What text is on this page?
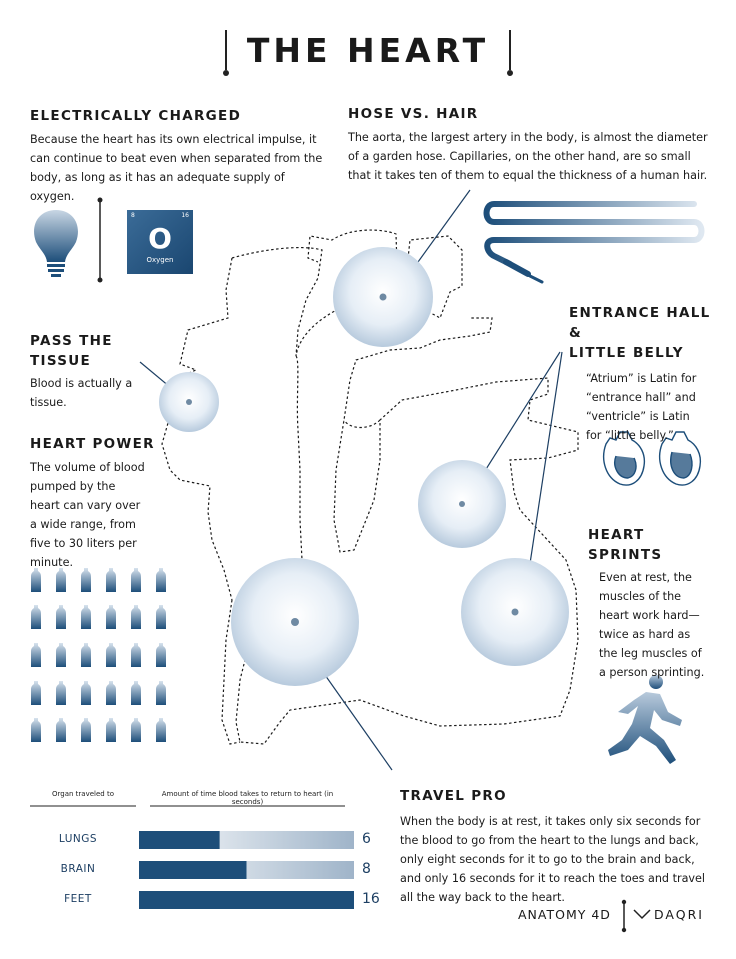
THE HEART
8	16
O
Oxygen
ELECTRICALLY CHARGED

Because the heart has its own electrical impulse, it can continue to beat even when separated from the body, as long as it has an adequate supply of oxygen.

HOSE VS. HAIR

The aorta, the largest artery in the body, is almost the diameter of a garden hose. Capillaries, on the other hand, are so small that it takes ten of them to equal the thickness of a human hair.

PASS THE TISSUE

Blood is actually a tissue.

HEART POWER

The volume of blood pumped by the heart can vary over a wide range, from five to 30 liters per minute.

ENTRANCE HALL &
LITTLE BELLY

“Atrium” is Latin for “entrance hall” and “ventricle” is Latin for “little belly.”

HEART SPRINTS

Even at rest, the muscles of the heart work hard—twice as hard as the leg muscles of a person sprinting.

TRAVEL PRO

When the body is at rest, it takes only six seconds for the blood to go from the heart to the lungs and back, only eight seconds for it to go to the brain and back, and only 16 seconds for it to reach the toes and travel all the way back to the heart.

Organ traveled to	Amount of time blood takes to return to heart (in seconds)
LUNGS	6
BRAIN	8
FEET	16
ANATOMY 4D	DAQRI
